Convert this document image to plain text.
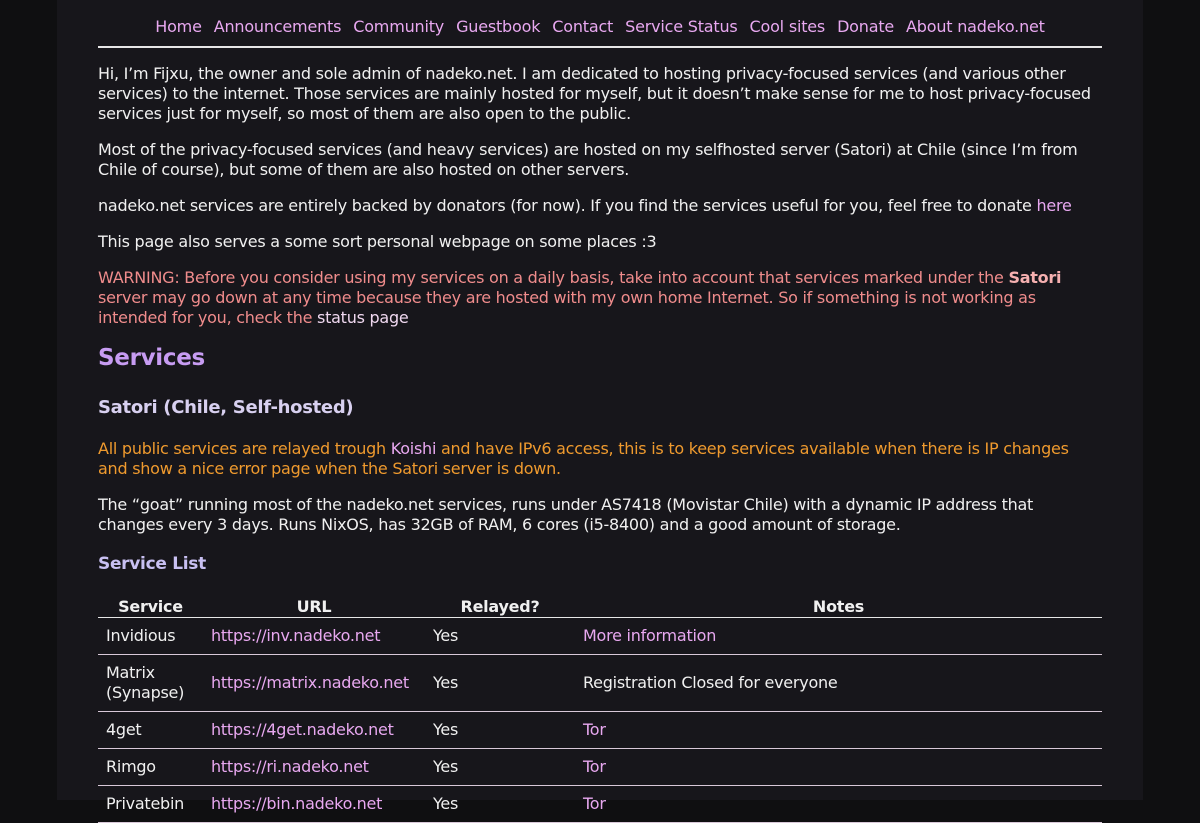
Home Announcements Community Guestbook Contact Service Status Cool sites Donate About nadeko.net

Hi, I’m Fijxu, the owner and sole admin of nadeko.net. I am dedicated to hosting privacy-focused services (and various other services) to the internet. Those services are mainly hosted for myself, but it doesn’t make sense for me to host privacy-focused services just for myself, so most of them are also open to the public.

Most of the privacy-focused services (and heavy services) are hosted on my selfhosted server (Satori) at Chile (since I’m from Chile of course), but some of them are also hosted on other servers.

nadeko.net services are entirely backed by donators (for now). If you find the services useful for you, feel free to donate here

This page also serves a some sort personal webpage on some places :3

WARNING: Before you consider using my services on a daily basis, take into account that services marked under the Satori server may go down at any time because they are hosted with my own home Internet. So if something is not working as intended for you, check the status page

Services
Satori (Chile, Self-hosted)

All public services are relayed trough Koishi and have IPv6 access, this is to keep services available when there is IP changes and show a nice error page when the Satori server is down.

The “goat” running most of the nadeko.net services, runs under AS7418 (Movistar Chile) with a dynamic IP address that changes every 3 days. Runs NixOS, has 32GB of RAM, 6 cores (i5-8400) and a good amount of storage.

Service List
Service	URL	Relayed?	Notes
Invidious	https://inv.nadeko.net	Yes	More information
Matrix (Synapse)	https://matrix.nadeko.net	Yes	Registration Closed for everyone
4get	https://4get.nadeko.net	Yes	Tor
Rimgo	https://ri.nadeko.net	Yes	Tor
Privatebin	https://bin.nadeko.net	Yes	Tor
